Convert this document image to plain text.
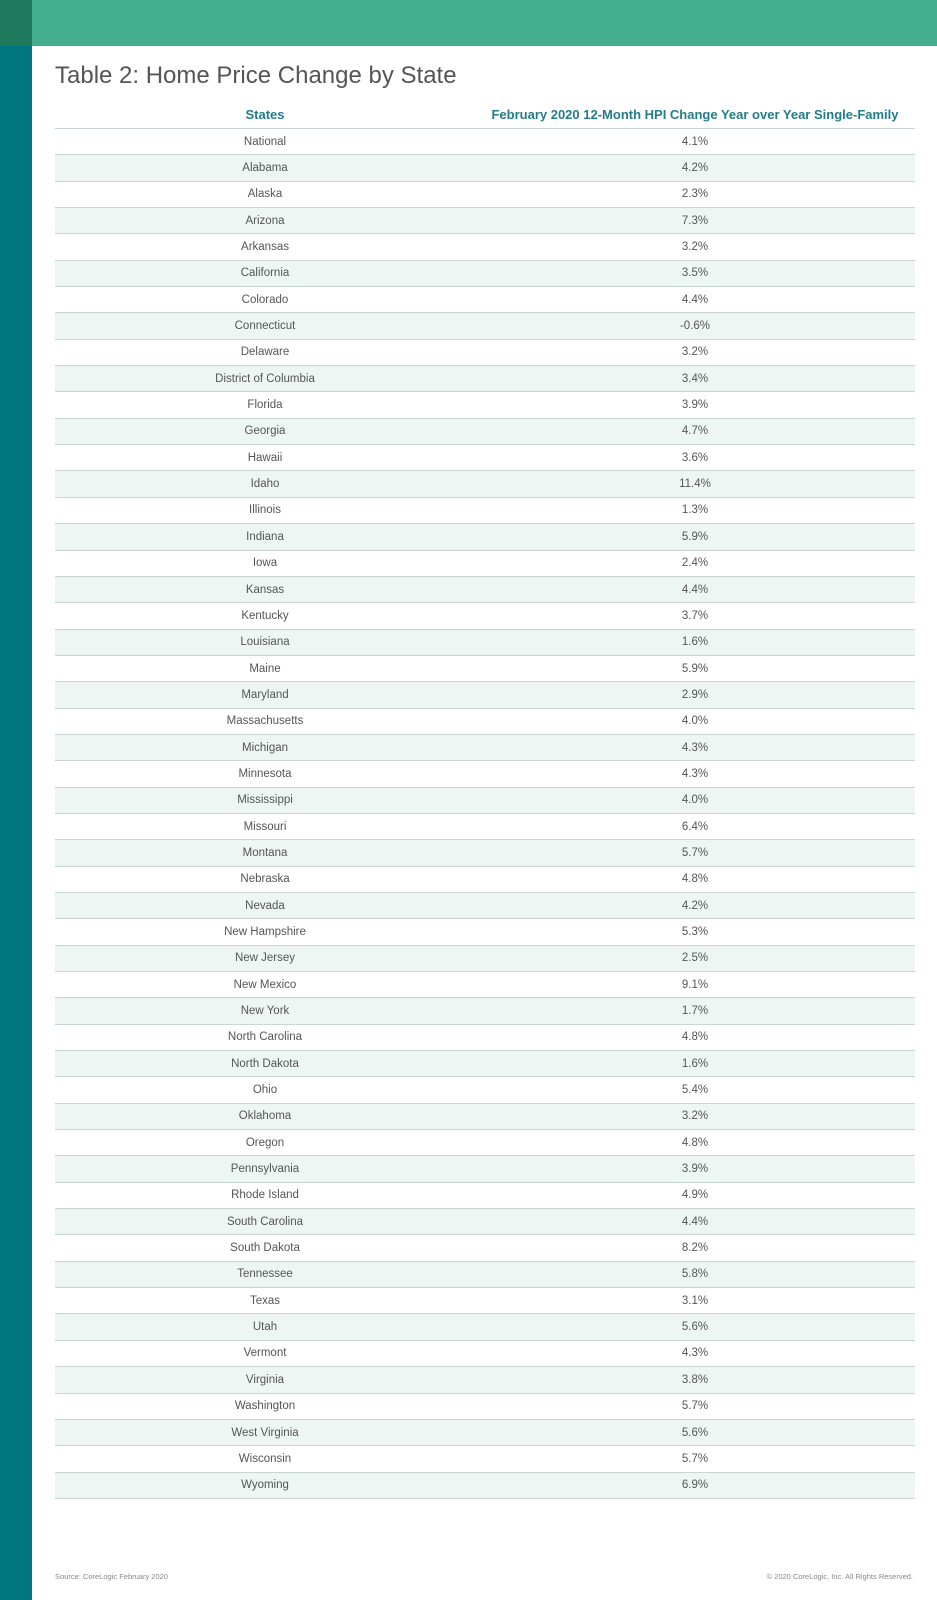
Table 2: Home Price Change by State
States	February 2020 12-Month HPI Change Year over Year Single-Family
National	4.1%
Alabama	4.2%
Alaska	2.3%
Arizona	7.3%
Arkansas	3.2%
California	3.5%
Colorado	4.4%
Connecticut	-0.6%
Delaware	3.2%
District of Columbia	3.4%
Florida	3.9%
Georgia	4.7%
Hawaii	3.6%
Idaho	11.4%
Illinois	1.3%
Indiana	5.9%
Iowa	2.4%
Kansas	4.4%
Kentucky	3.7%
Louisiana	1.6%
Maine	5.9%
Maryland	2.9%
Massachusetts	4.0%
Michigan	4.3%
Minnesota	4.3%
Mississippi	4.0%
Missouri	6.4%
Montana	5.7%
Nebraska	4.8%
Nevada	4.2%
New Hampshire	5.3%
New Jersey	2.5%
New Mexico	9.1%
New York	1.7%
North Carolina	4.8%
North Dakota	1.6%
Ohio	5.4%
Oklahoma	3.2%
Oregon	4.8%
Pennsylvania	3.9%
Rhode Island	4.9%
South Carolina	4.4%
South Dakota	8.2%
Tennessee	5.8%
Texas	3.1%
Utah	5.6%
Vermont	4.3%
Virginia	3.8%
Washington	5.7%
West Virginia	5.6%
Wisconsin	5.7%
Wyoming	6.9%
Source: CoreLogic February 2020	© 2020 CoreLogic, Inc. All Rights Reserved.
